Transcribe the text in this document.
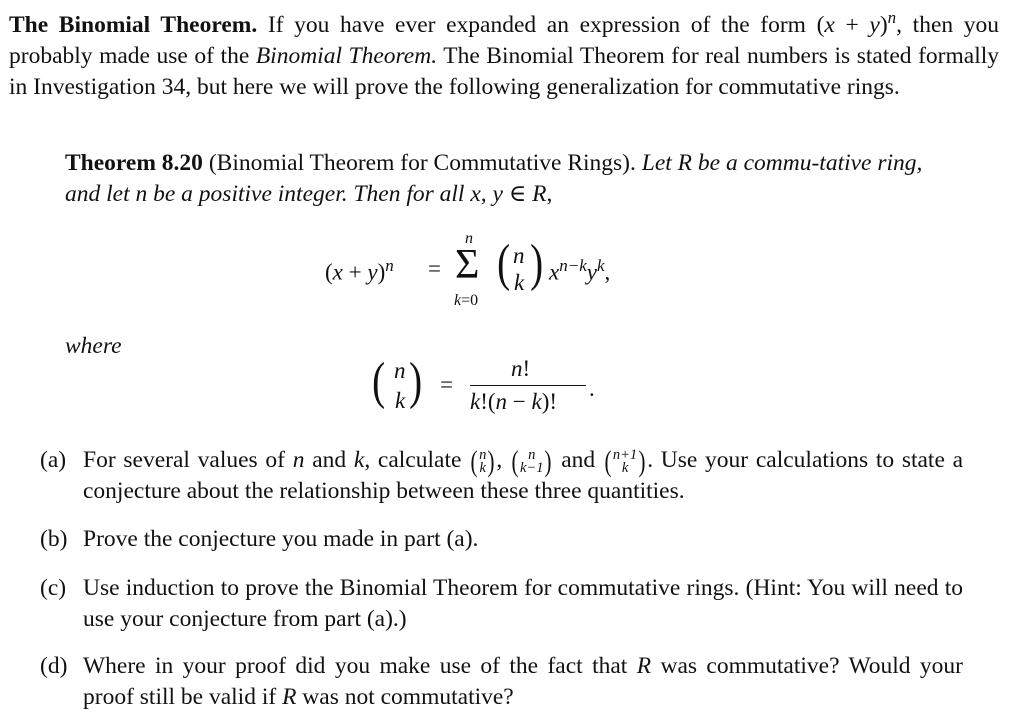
The Binomial Theorem. If you have ever expanded an expression of the form $(x + y)^n$, then you probably made use of the Binomial Theorem. The Binomial Theorem for real numbers is stated formally in Investigation 34, but here we will prove the following generalization for commutative rings.
Theorem 8.20 (Binomial Theorem for Commutative Rings). Let R be a commu-tative ring, and let n be a positive integer. Then for all x, y ∈ R,
$(x + y)^n$ =
n
Σ
k=0
( n
k ) $x^{n-k}y^k$,
where
( n
k ) =
n!
k!(n − k)!
.
(a) For several values of n and k, calculate ( n
k), ( n
k−1) and ( n+1
k ). Use your calculations to state a conjecture about the relationship between these three quantities.
(b) Prove the conjecture you made in part (a).
(c) Use induction to prove the Binomial Theorem for commutative rings. (Hint: You will need to use your conjecture from part (a).)
(d) Where in your proof did you make use of the fact that R was commutative? Would your proof still be valid if R was not commutative?
